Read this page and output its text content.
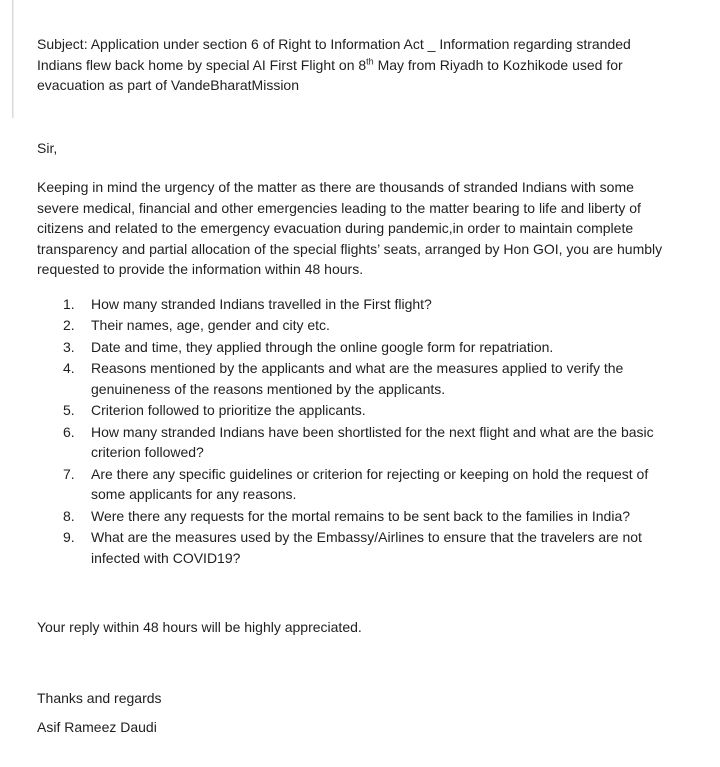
Subject: Application under section 6 of Right to Information Act _ Information regarding stranded Indians flew back home by special AI First Flight on 8th May from Riyadh to Kozhikode used for evacuation as part of VandeBharatMission

Sir,

Keeping in mind the urgency of the matter as there are thousands of stranded Indians with some severe medical, financial and other emergencies leading to the matter bearing to life and liberty of citizens and related to the emergency evacuation during pandemic,in order to maintain complete transparency and partial allocation of the special flights’ seats, arranged by Hon GOI, you are humbly requested to provide the information within 48 hours.

1.	How many stranded Indians travelled in the First flight?
2.	Their names, age, gender and city etc.
3.	Date and time, they applied through the online google form for repatriation.
4.	Reasons mentioned by the applicants and what are the measures applied to verify the genuineness of the reasons mentioned by the applicants.
5.	Criterion followed to prioritize the applicants.
6.	How many stranded Indians have been shortlisted for the next flight and what are the basic criterion followed?
7.	Are there any specific guidelines or criterion for rejecting or keeping on hold the request of some applicants for any reasons.
8.	Were there any requests for the mortal remains to be sent back to the families in India?
9.	What are the measures used by the Embassy/Airlines to ensure that the travelers are not infected with COVID19?

Your reply within 48 hours will be highly appreciated.

Thanks and regards

Asif Rameez Daudi
